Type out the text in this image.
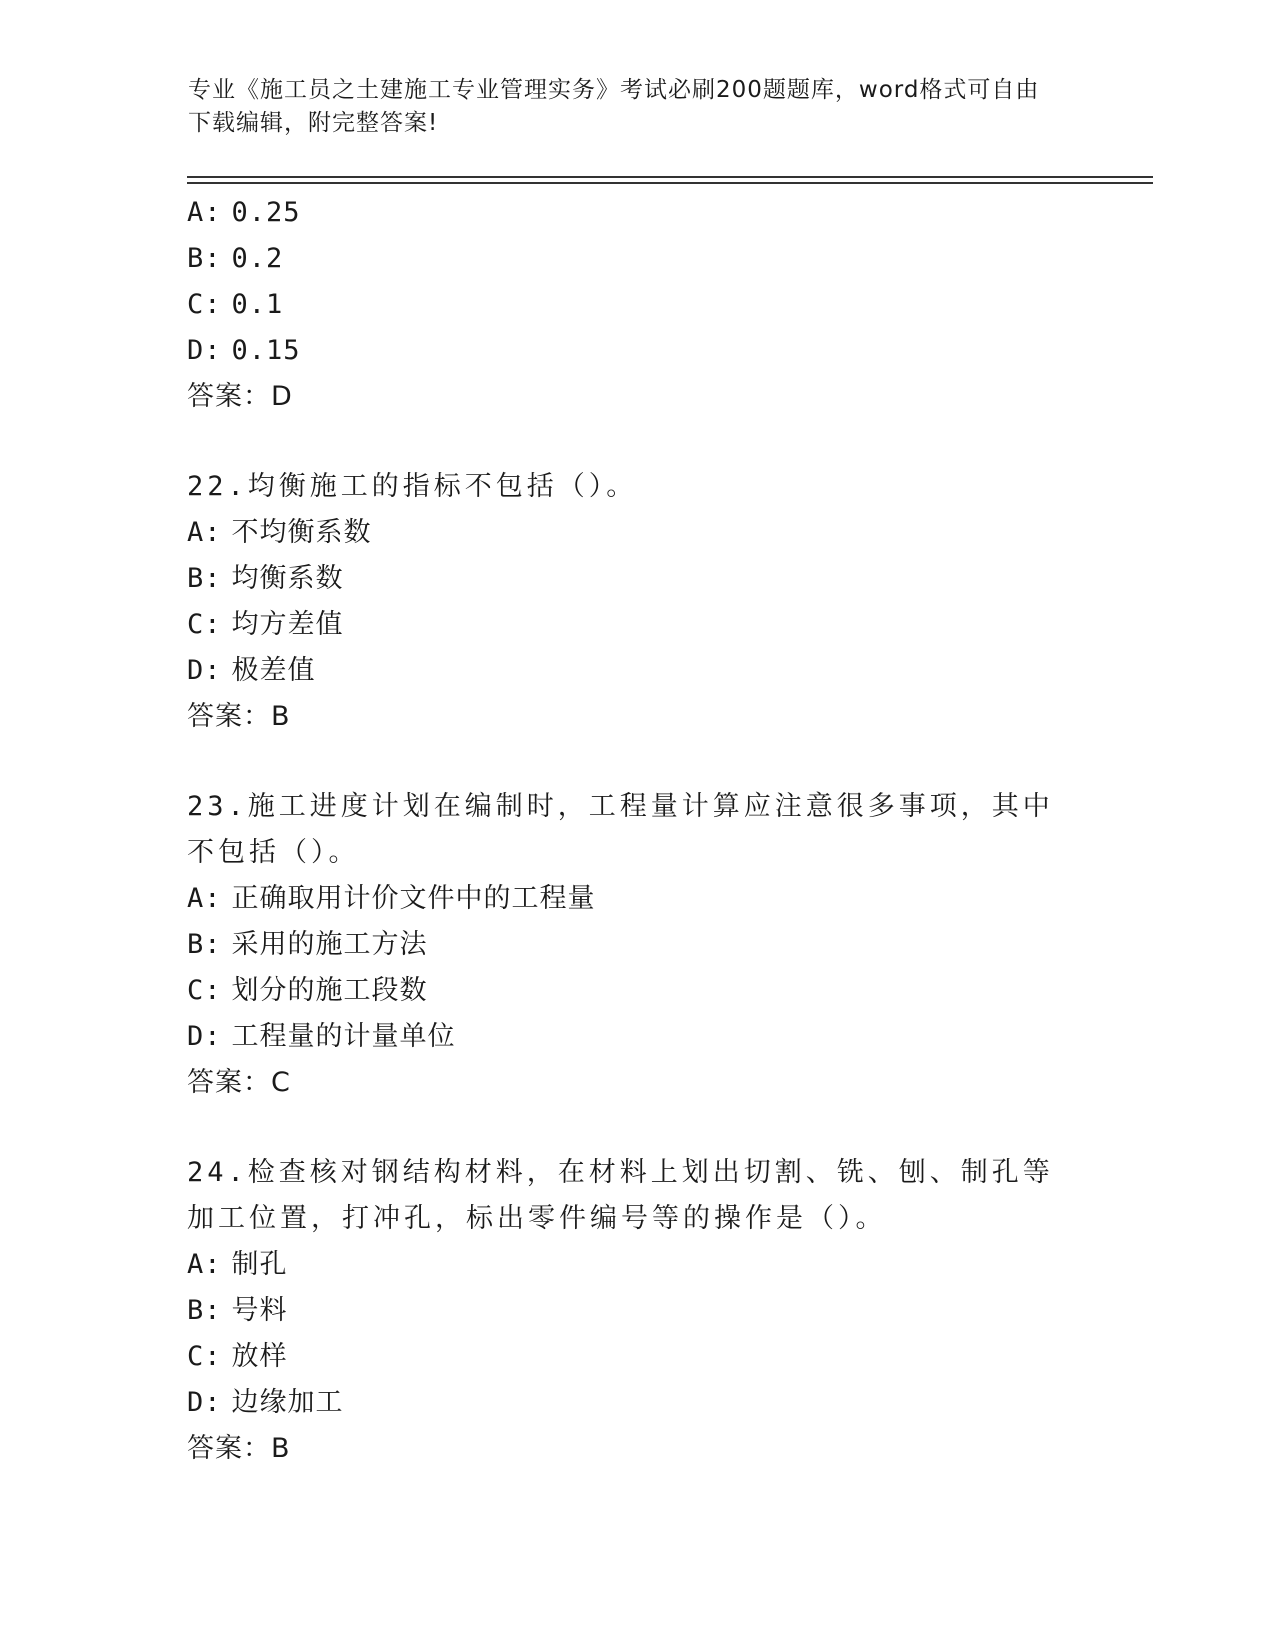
专业《施工员之土建施工专业管理实务》考试必刷200题题库，word格式可自由
下载编辑，附完整答案!
A: 0.25
B: 0.2
C: 0.1
D: 0.15
答案：D
22.均衡施工的指标不包括（）。
A: 不均衡系数
B: 均衡系数
C: 均方差值
D: 极差值
答案：B
23.施工进度计划在编制时，工程量计算应注意很多事项，其中不包括（）。
A: 正确取用计价文件中的工程量
B: 采用的施工方法
C: 划分的施工段数
D: 工程量的计量单位
答案：C
24.检查核对钢结构材料，在材料上划出切割、铣、刨、制孔等加工位置，打冲孔，标出零件编号等的操作是（）。
A: 制孔
B: 号料
C: 放样
D: 边缘加工
答案：B
